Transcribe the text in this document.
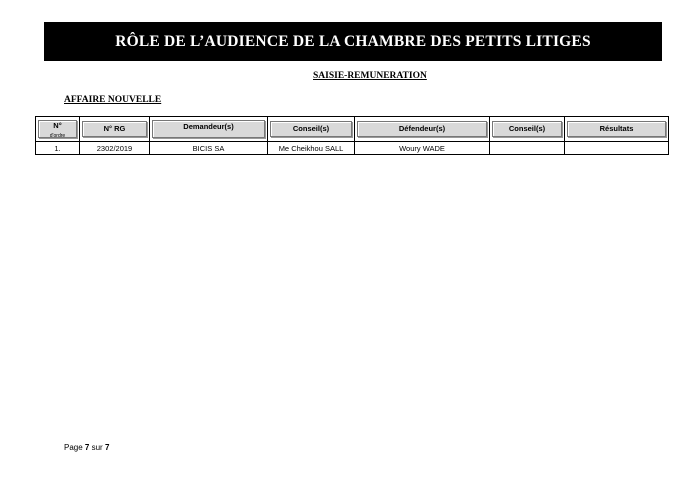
RÔLE DE L’AUDIENCE DE LA CHAMBRE DES PETITS LITIGES
SAISIE-REMUNERATION
AFFAIRE NOUVELLE
N°
d'ordre	N° RG	Demandeur(s)	Conseil(s)	Défendeur(s)	Conseil(s)	Résultats

1.	2302/2019	BICIS SA	Me Cheikhou SALL	Woury WADE		
Page 7 sur 7
